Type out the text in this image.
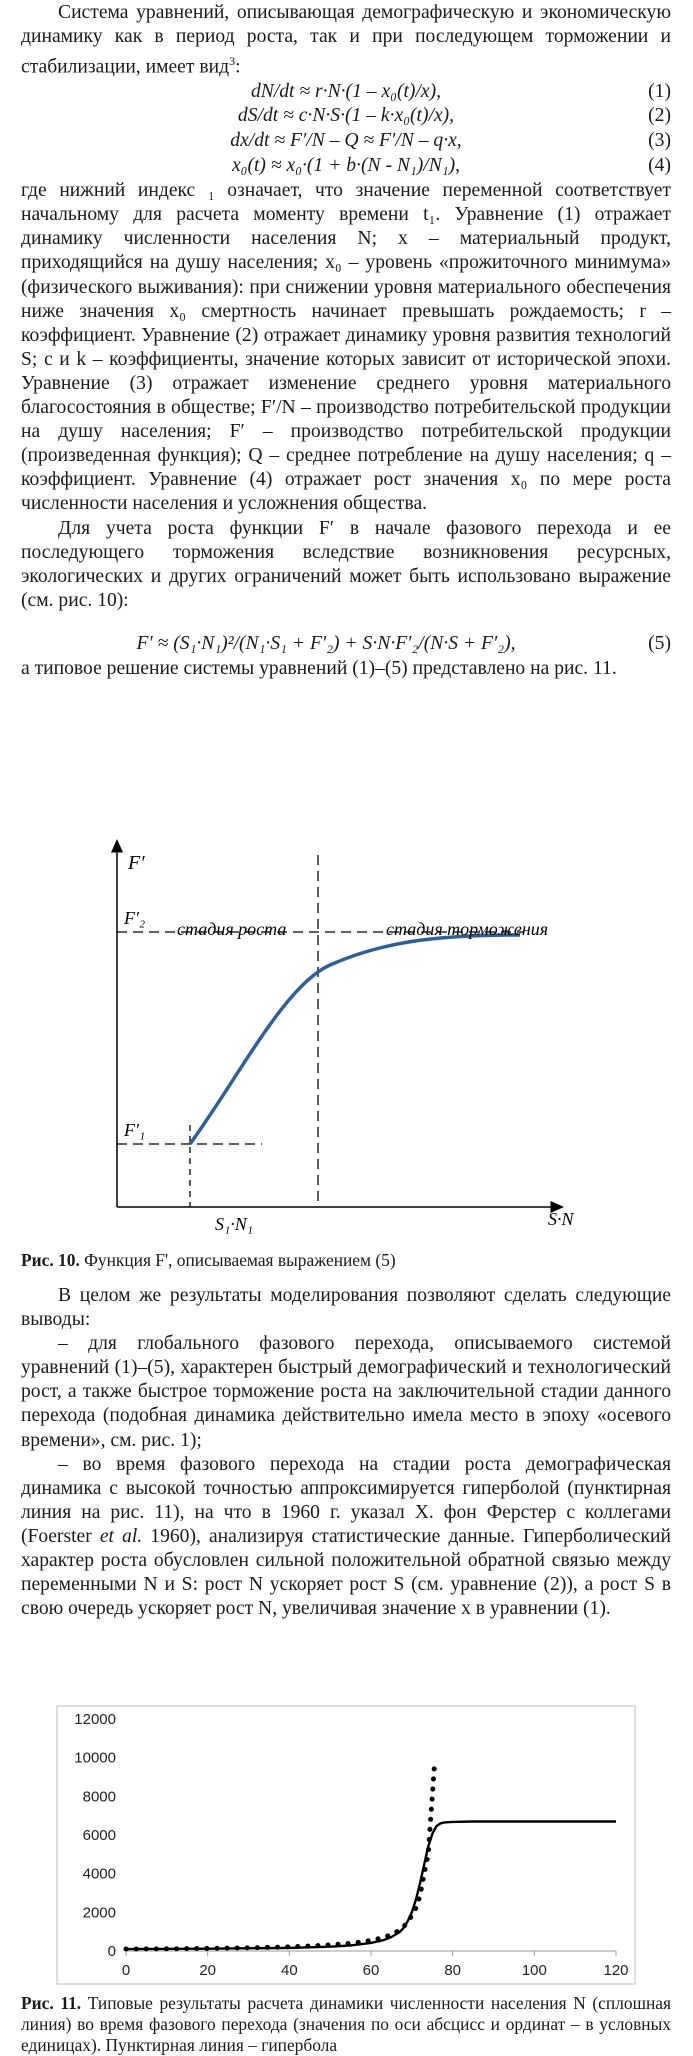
Система уравнений, описывающая демографическую и экономическую динамику как в период роста, так и при последующем торможении и стабилизации, имеет вид$^3$:

dN/dt ≈ r·N·(1 – x₀(t)/x),	(1)
dS/dt ≈ c·N·S·(1 – k·x₀(t)/x),	(2)
dx/dt ≈ F′/N – Q ≈ F′/N – q·x,	(3)
x₀(t) ≈ x₀·(1 + b·(N - N₁)/N₁),	(4)

где нижний индекс ₁ означает, что значение переменной соответствует начальному для расчета моменту времени t₁. Уравнение (1) отражает динамику численности населения N; x – материальный продукт, приходящийся на душу населения; x₀ – уровень «прожиточного минимума» (физического выживания): при снижении уровня материального обеспечения ниже значения x₀ смертность начинает превышать рождаемость; r – коэффициент. Уравнение (2) отражает динамику уровня развития технологий S; c и k – коэффициенты, значение которых зависит от исторической эпохи. Уравнение (3) отражает изменение среднего уровня материального благосостояния в обществе; F′/N – производство потребительской продукции на душу населения; F′ – производство потребительской продукции (произведенная функция); Q – среднее потребление на душу населения; q – коэффициент. Уравнение (4) отражает рост значения x₀ по мере роста численности населения и усложнения общества.

Для учета роста функции F′ в начале фазового перехода и ее последующего торможения вследствие возникновения ресурсных, экологических и других ограничений может быть использовано выражение (см. рис. 10):

F′ ≈ (S₁·N₁)²/(N₁·S₁ + F′₂) + S·N·F′₂/(N·S + F′₂),	(5)

а типовое решение системы уравнений (1)–(5) представлено на рис. 11.

F′
S·N
стадия роста	стадия торможения
F′₂
F′₁
S₁·N₁
Рис. 10. Функция F', описываемая выражением (5)

В целом же результаты моделирования позволяют сделать следующие выводы:

– для глобального фазового перехода, описываемого системой уравнений (1)–(5), характерен быстрый демографический и технологический рост, а также быстрое торможение роста на заключительной стадии данного перехода (подобная динамика действительно имела место в эпоху «осевого времени», см. рис. 1);

– во время фазового перехода на стадии роста демографическая динамика с высокой точностью аппроксимируется гиперболой (пунктирная линия на рис. 11), на что в 1960 г. указал Х. фон Ферстер с коллегами (Foerster et al. 1960), анализируя статистические данные. Гиперболический характер роста обусловлен сильной положительной обратной связью между переменными N и S: рост N ускоряет рост S (см. уравнение (2)), а рост S в свою очередь ускоряет рост N, увеличивая значение x в уравнении (1).

0
2000
4000
6000
8000
10000
12000
0	20	40	60	80	100	120
Рис. 11. Типовые результаты расчета динамики численности населения N (сплошная линия) во время фазового перехода (значения по оси абсцисс и ординат – в условных единицах). Пунктирная линия – гипербола
